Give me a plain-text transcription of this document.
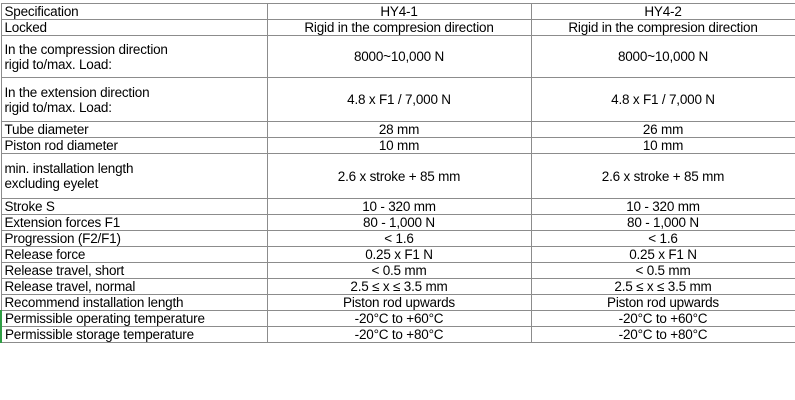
Specification	HY4-1	HY4-2
Locked	Rigid in the compresion direction	Rigid in the compresion direction

In the compression direction
rigid to/max. Load:	8000~10,000 N	8000~10,000 N

In the extension direction
rigid to/max. Load:	4.8 x F1 / 7,000 N	4.8 x F1 / 7,000 N
Tube diameter	28 mm	26 mm
Piston rod diameter	10 mm	10 mm

min. installation length
excluding eyelet	2.6 x stroke + 85 mm	2.6 x stroke + 85 mm
Stroke S	10 - 320 mm	10 - 320 mm
Extension forces F1	80 - 1,000 N	80 - 1,000 N
Progression (F2/F1)	< 1.6	< 1.6
Release force	0.25 x F1 N	0.25 x F1 N
Release travel, short	< 0.5 mm	< 0.5 mm
Release travel, normal	2.5 ≤ x ≤ 3.5 mm	2.5 ≤ x ≤ 3.5 mm
Recommend installation length	Piston rod upwards	Piston rod upwards
Permissible operating temperature	-20°C to +60°C	-20°C to +60°C
Permissible storage temperature	-20°C to +80°C	-20°C to +80°C
